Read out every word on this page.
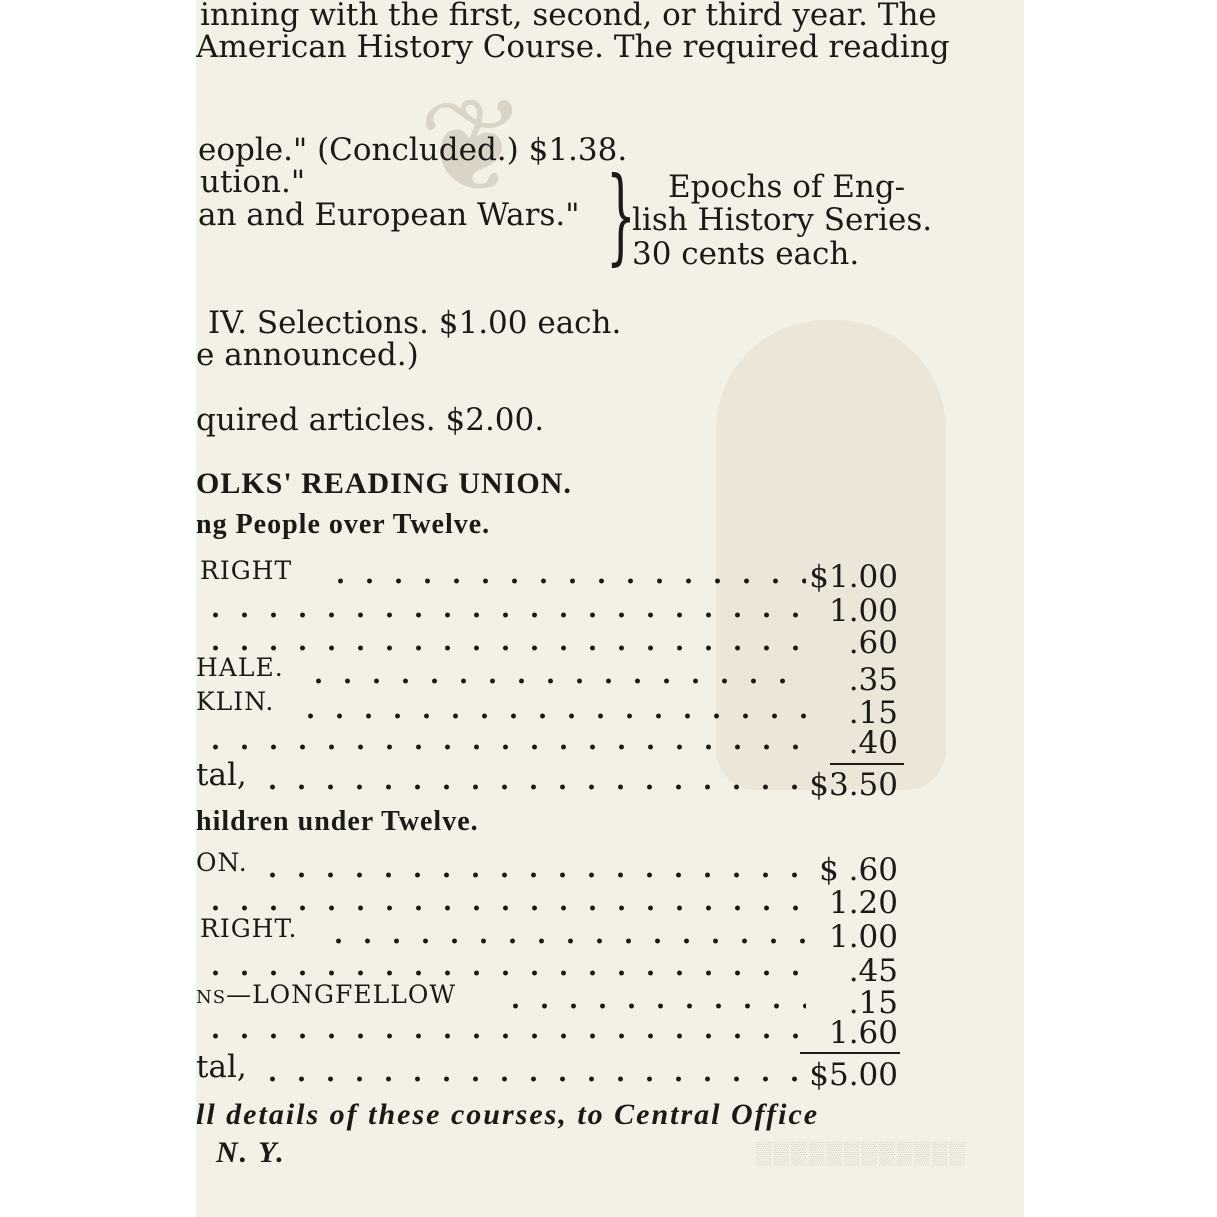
❦
inning with the first, second, or third year. The
American History Course. The required reading
eople." (Concluded.) $1.38.
ution."
an and European Wars." } Epochs of Eng-
lish History Series.
30 cents each.
IV. Selections. $1.00 each.
e announced.)
quired articles. $2.00.
OLKS' READING UNION.
ng People over Twelve.
RIGHT	$1.00
1.00
.60
HALE.	.35
KLIN.	.15
.40
tal,	$3.50
hildren under Twelve.
ON.	$ .60
1.20
RIGHT.	1.00
.45
ns—LONGFELLOW	.15
1.60
tal,	$5.00
ll details of these courses, to Central Office
N. Y.	▒▒▒▒▒▒▒▒▒▒▒▒
